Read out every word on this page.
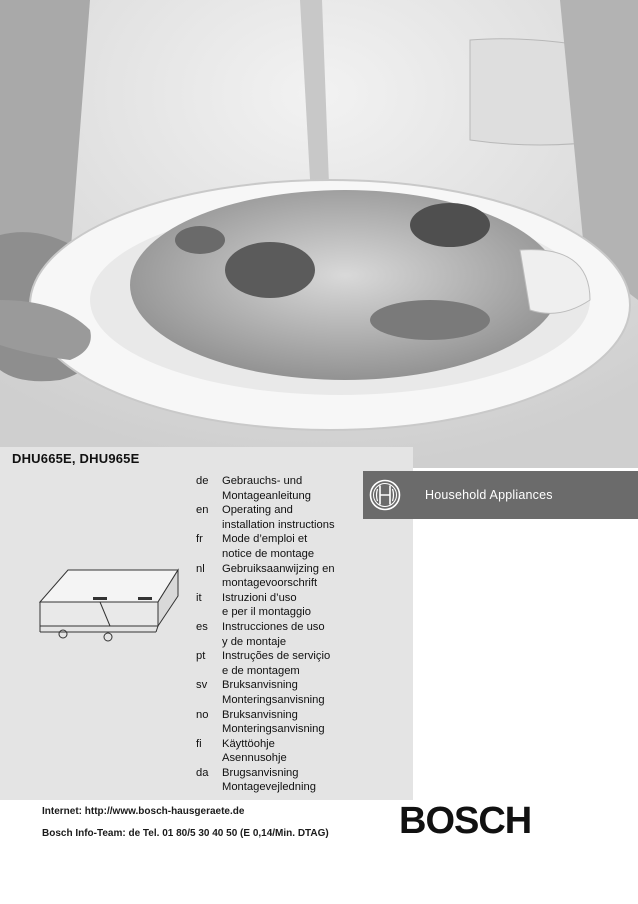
DHU665E, DHU965E
de	Gebrauchs- und
Montageanleitung
en	Operating and
installation instructions
fr	Mode d’emploi et
notice de montage
nl	Gebruiksaanwijzing en
montagevoorschrift
it	Istruzioni d’uso
e per il montaggio
es	Instrucciones de uso
y de montaje
pt	Instruções de serviçio
e de montagem
sv	Bruksanvisning
Monteringsanvisning
no	Bruksanvisning
Monteringsanvisning
fi	Käyttöohje
Asennusohje
da	Brugsanvisning
Montagevejledning
Household Appliances
Internet: http://www.bosch-hausgeraete.de
Bosch Info-Team: de Tel. 01 80/5 30 40 50 (E 0,14/Min. DTAG) BOSCH
